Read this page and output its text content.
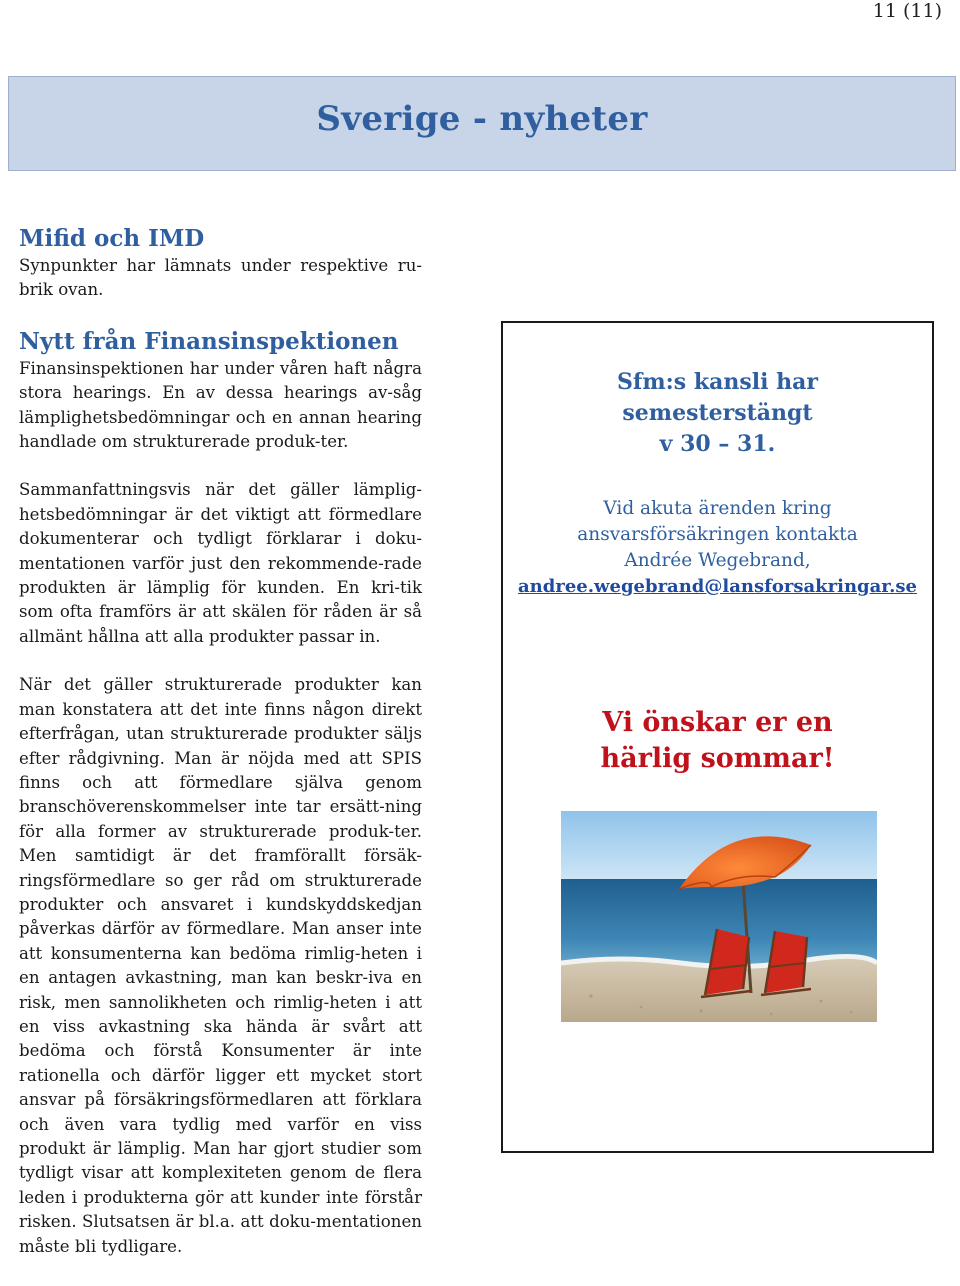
11 (11)
Sverige - nyheter
Mifid och IMD

Synpunkter har lämnats under respektive ru-brik ovan.

Nytt från Finansinspektionen

Finansinspektionen har under våren haft några stora hearings. En av dessa hearings av-såg lämplighetsbedömningar och en annan hearing handlade om strukturerade produk-ter.

Sammanfattningsvis när det gäller lämplig-hetsbedömningar är det viktigt att förmedlare dokumenterar och tydligt förklarar i doku-mentationen varför just den rekommende-rade produkten är lämplig för kunden. En kri-tik som ofta framförs är att skälen för råden är så allmänt hållna att alla produkter passar in.

När det gäller strukturerade produkter kan man konstatera att det inte finns någon direkt efterfrågan, utan strukturerade produkter säljs efter rådgivning. Man är nöjda med att SPIS finns och att förmedlare själva genom branschöverenskommelser inte tar ersätt-ning för alla former av strukturerade produk-ter. Men samtidigt är det framförallt försäk-ringsförmedlare so ger råd om strukturerade produkter och ansvaret i kundskyddskedjan påverkas därför av förmedlare. Man anser inte att konsumenterna kan bedöma rimlig-heten i en antagen avkastning, man kan beskr-iva en risk, men sannolikheten och rimlig-heten i att en viss avkastning ska hända är svårt att bedöma och förstå Konsumenter är inte rationella och därför ligger ett mycket stort ansvar på försäkringsförmedlaren att förklara och även vara tydlig med varför en viss produkt är lämplig. Man har gjort studier som tydligt visar att komplexiteten genom de flera leden i produkterna gör att kunder inte förstår risken. Slutsatsen är bl.a. att doku-mentationen måste bli tydligare.

Sfm:s kansli har
semesterstängt
v 30 – 31.
Vid akuta ärenden kring
ansvarsförsäkringen kontakta
Andrée Wegebrand,
andree.wegebrand@lansforsakringar.se
Vi önskar er en
härlig sommar!
